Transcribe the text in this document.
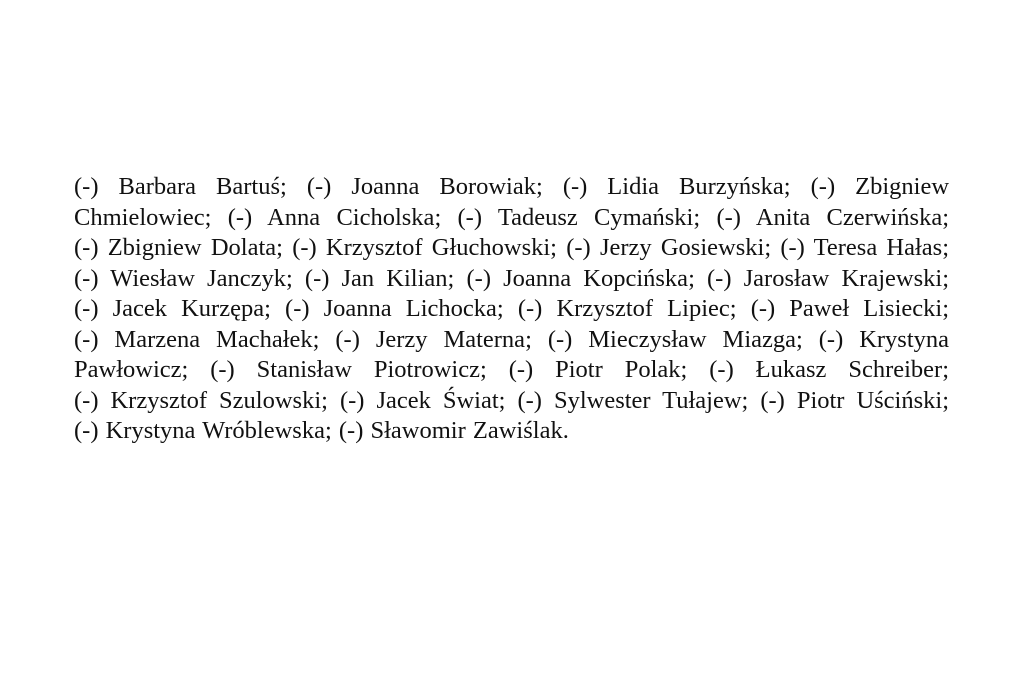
(-) Barbara Bartuś; (-) Joanna Borowiak; (-) Lidia Burzyńska; (-) Zbigniew Chmielowiec; (-) Anna Cicholska; (-) Tadeusz Cymański; (-) Anita Czerwińska; (-) Zbigniew Dolata; (-) Krzysztof Głuchowski; (-) Jerzy Gosiewski; (-) Teresa Hałas; (-) Wiesław Janczyk; (-) Jan Kilian; (-) Joanna Kopcińska; (-) Jarosław Krajewski; (-) Jacek Kurzępa; (-) Joanna Lichocka; (-) Krzysztof Lipiec; (-) Paweł Lisiecki; (-) Marzena Machałek; (-) Jerzy Materna; (-) Mieczysław Miazga; (-) Krystyna Pawłowicz; (-) Stanisław Piotrowicz; (-) Piotr Polak; (-) Łukasz Schreiber; (-) Krzysztof Szulowski; (-) Jacek Świat; (-) Sylwester Tułajew; (-) Piotr Uściński; (-) Krystyna Wróblewska; (-) Sławomir Zawiślak.
